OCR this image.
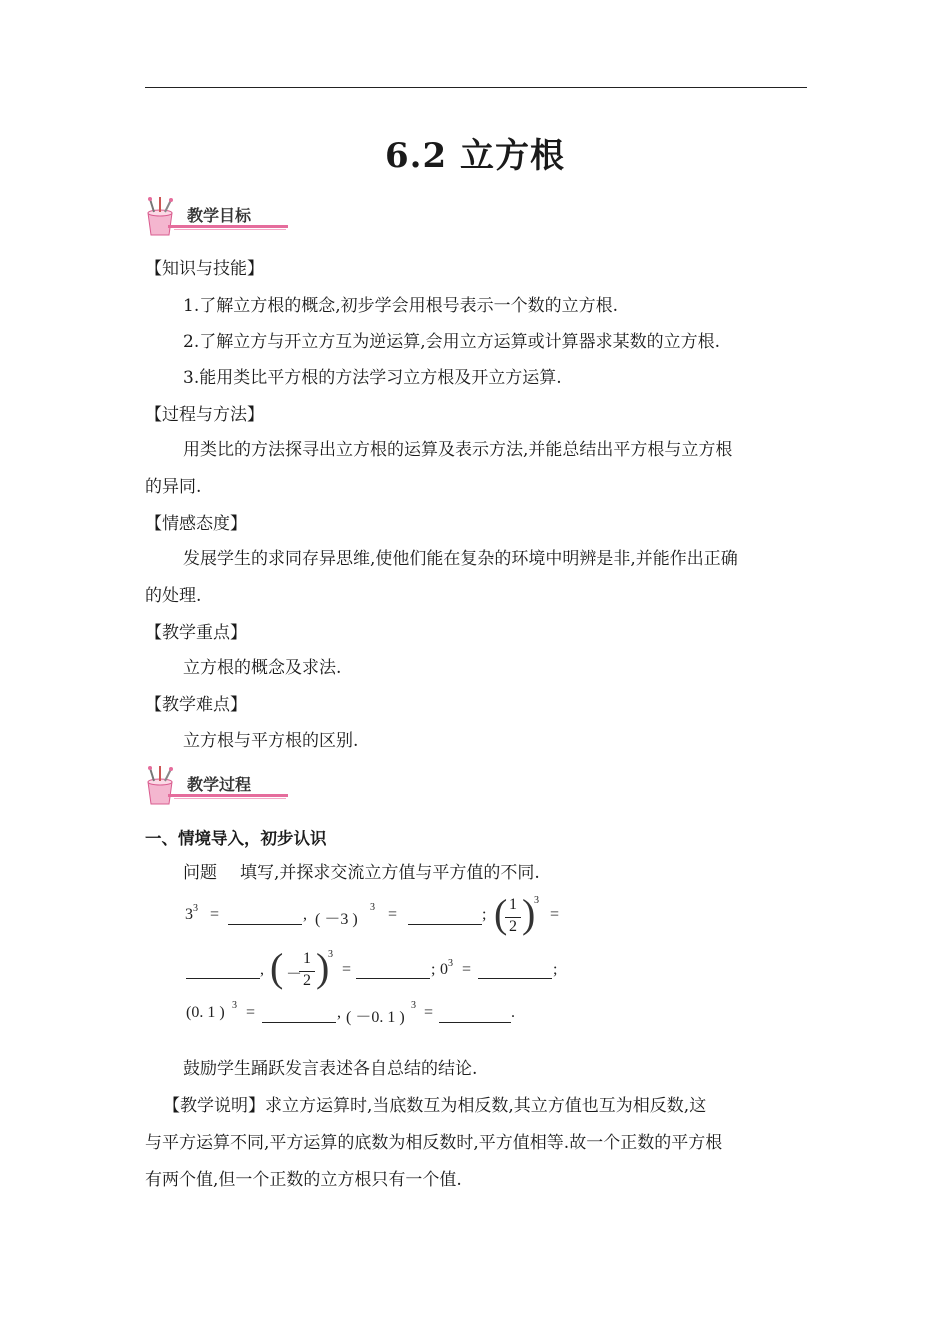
6.2 立方根
教学目标
【知识与技能】
1.了解立方根的概念,初步学会用根号表示一个数的立方根.
2.了解立方与开立方互为逆运算,会用立方运算或计算器求某数的立方根.
3.能用类比平方根的方法学习立方根及开立方运算.
【过程与方法】
用类比的方法探寻出立方根的运算及表示方法,并能总结出平方根与立方根
的异同.
【情感态度】
发展学生的求同存异思维,使他们能在复杂的环境中明辨是非,并能作出正确
的处理.
【教学重点】
立方根的概念及求法.
【教学难点】
立方根与平方根的区别.
教学过程
一、情境导入，初步认识
问题 填写,并探求交流立方值与平方值的不同.
$3^3$ =	, ( －3 )
3 =	; ( 1
2 )
3
=
, ( －
1
2 )
3
=	; $0^3$ =	;
(0. 1 ) 3 =	, ( －0. 1 )
3 =	.
鼓励学生踊跃发言表述各自总结的结论.
【教学说明】求立方运算时,当底数互为相反数,其立方值也互为相反数,这
与平方运算不同,平方运算的底数为相反数时,平方值相等.故一个正数的平方根
有两个值,但一个正数的立方根只有一个值.
